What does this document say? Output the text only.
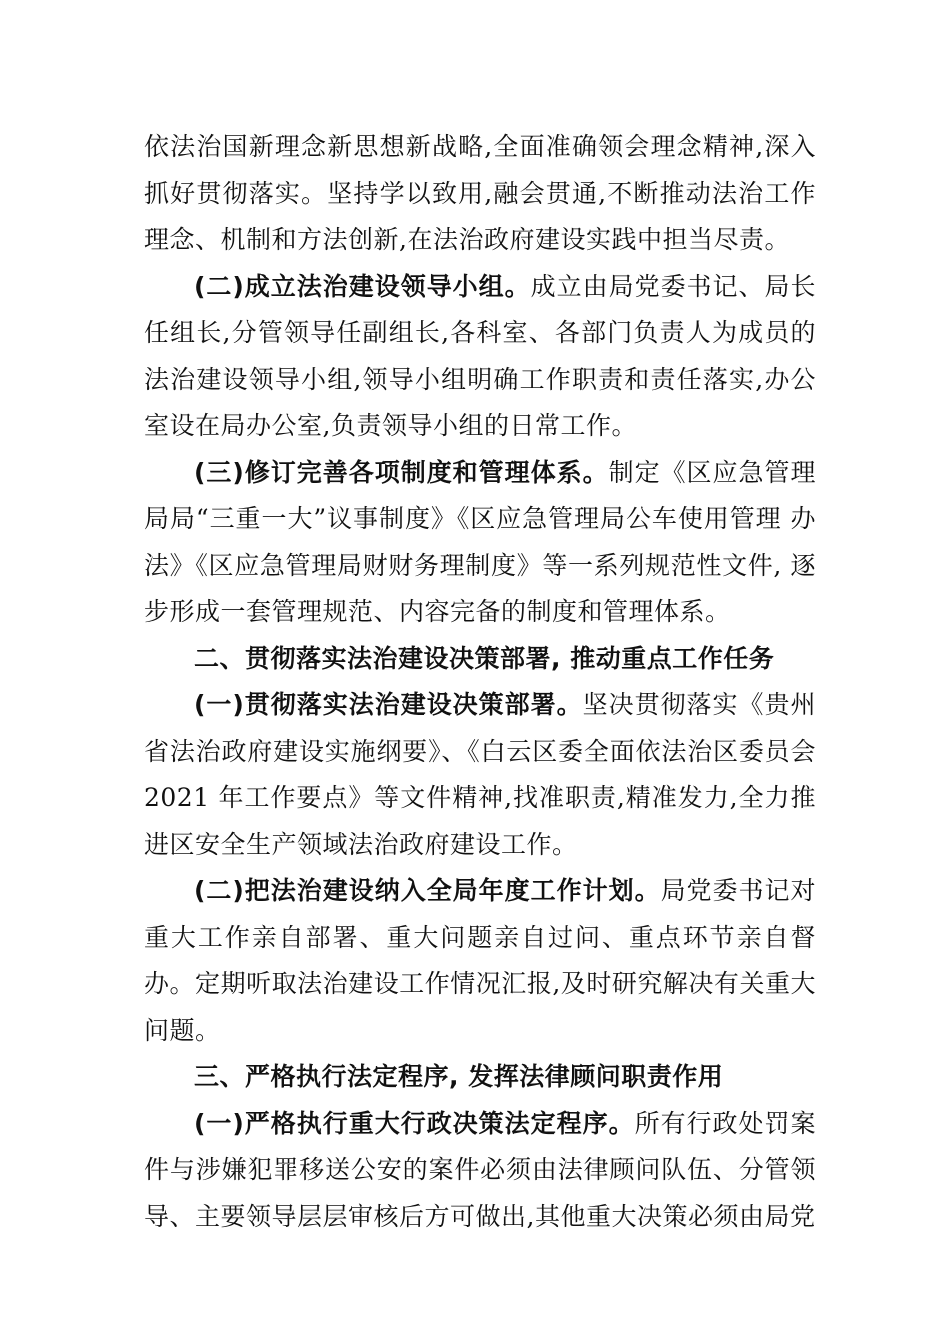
依法治国新理念新思想新战略,全面准确领会理念精神,深入 抓好贯彻落实。坚持学以致用,融会贯通,不断推动法治工作 理念、机制和方法创新,在法治政府建设实践中担当尽责。

(二)成立法治建设领导小组。成立由局党委书记、局长 任组长,分管领导任副组长,各科室、各部门负责人为成员的 法治建设领导小组,领导小组明确工作职责和责任落实,办公 室设在局办公室,负责领导小组的日常工作。

(三)修订完善各项制度和管理体系。制定《区应急管理 局局“三重一大”议事制度》《区应急管理局公车使用管理 办法》《区应急管理局财财务理制度》等一系列规范性文件, 逐步形成一套管理规范、内容完备的制度和管理体系。

二、贯彻落实法治建设决策部署, 推动重点工作任务

(一)贯彻落实法治建设决策部署。坚决贯彻落实《贵州 省法治政府建设实施纲要》、《白云区委全面依法治区委员会 2021 年工作要点》等文件精神,找准职责,精准发力,全力推进区安全生产领域法治政府建设工作。

(二)把法治建设纳入全局年度工作计划。局党委书记对重大工作亲自部署、重大问题亲自过问、重点环节亲自督办。定期听取法治建设工作情况汇报,及时研究解决有关重大问题。

三、严格执行法定程序, 发挥法律顾问职责作用

(一)严格执行重大行政决策法定程序。所有行政处罚案件与涉嫌犯罪移送公安的案件必须由法律顾问队伍、分管领导、主要领导层层审核后方可做出,其他重大决策必须由局党
